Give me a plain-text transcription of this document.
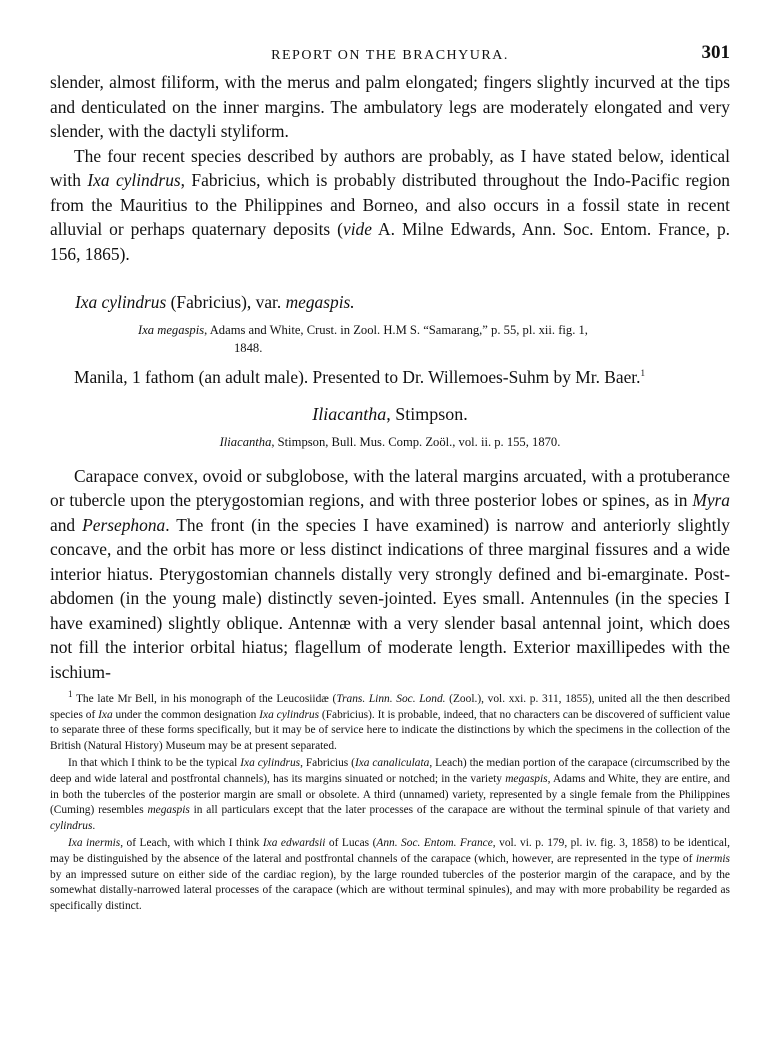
REPORT ON THE BRACHYURA.	301

slender, almost filiform, with the merus and palm elongated; fingers slightly incurved at the tips and denticulated on the inner margins. The ambulatory legs are moderately elongated and very slender, with the dactyli styliform.

The four recent species described by authors are probably, as I have stated below, identical with Ixa cylindrus, Fabricius, which is probably distributed throughout the Indo-Pacific region from the Mauritius to the Philippines and Borneo, and also occurs in a fossil state in recent alluvial or perhaps quaternary deposits (vide A. Milne Edwards, Ann. Soc. Entom. France, p. 156, 1865).

Ixa cylindrus (Fabricius), var. megaspis.

Ixa megaspis, Adams and White, Crust. in Zool. H.M S. “Samarang,” p. 55, pl. xii. fig. 1,
1848.

Manila, 1 fathom (an adult male). Presented to Dr. Willemoes-Suhm by Mr. Baer.$^1$

Iliacantha, Stimpson.

Iliacantha, Stimpson, Bull. Mus. Comp. Zoöl., vol. ii. p. 155, 1870.

Carapace convex, ovoid or subglobose, with the lateral margins arcuated, with a protuberance or tubercle upon the pterygostomian regions, and with three posterior lobes or spines, as in Myra and Persephona. The front (in the species I have examined) is narrow and anteriorly slightly concave, and the orbit has more or less distinct indications of three marginal fissures and a wide interior hiatus. Pterygostomian channels distally very strongly defined and bi-emarginate. Post-abdomen (in the young male) distinctly seven-jointed. Eyes small. Antennules (in the species I have examined) slightly oblique. Antennæ with a very slender basal antennal joint, which does not fill the interior orbital hiatus; flagellum of moderate length. Exterior maxillipedes with the ischium-

$^1$ The late Mr Bell, in his monograph of the Leucosiidæ (Trans. Linn. Soc. Lond. (Zool.), vol. xxi. p. 311, 1855), united all the then described species of Ixa under the common designation Ixa cylindrus (Fabricius). It is probable, indeed, that no characters can be discovered of sufficient value to separate three of these forms specifically, but it may be of service here to indicate the distinctions by which the specimens in the collection of the British (Natural History) Museum may be at present separated.

In that which I think to be the typical Ixa cylindrus, Fabricius (Ixa canaliculata, Leach) the median portion of the carapace (circumscribed by the deep and wide lateral and postfrontal channels), has its margins sinuated or notched; in the variety megaspis, Adams and White, they are entire, and in both the tubercles of the posterior margin are small or obsolete. A third (unnamed) variety, represented by a single female from the Philippines (Cuming) resembles megaspis in all particulars except that the later processes of the carapace are without the terminal spinule of that variety and cylindrus.

Ixa inermis, of Leach, with which I think Ixa edwardsii of Lucas (Ann. Soc. Entom. France, vol. vi. p. 179, pl. iv. fig. 3, 1858) to be identical, may be distinguished by the absence of the lateral and postfrontal channels of the carapace (which, however, are represented in the type of inermis by an impressed suture on either side of the cardiac region), by the large rounded tubercles of the posterior margin of the carapace, and by the somewhat distally-narrowed lateral processes of the carapace (which are without terminal spinules), and may with more probability be regarded as specifically distinct.
